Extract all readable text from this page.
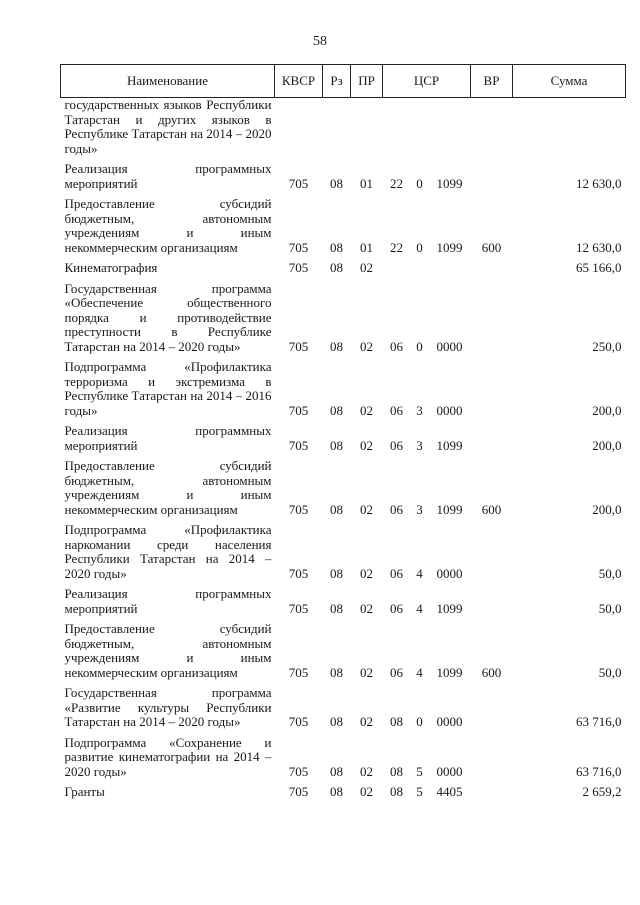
58
Наименование	КВСР	Рз	ПР	ЦСР			ВР	Сумма
государственных языков Республики Татарстан и других языков в Республике Татарстан на 2014 – 2020 годы»								
Реализация программных мероприятий	705	08	01	22	0	1099		12 630,0
Предоставление субсидий бюджетным, автономным учреждениям и иным некоммерческим организациям	705	08	01	22	0	1099	600	12 630,0
Кинематография	705	08	02					65 166,0
Государственная программа «Обеспечение общественного порядка и противодействие преступности в Республике Татарстан на 2014 – 2020 годы»	705	08	02	06	0	0000		250,0
Подпрограмма «Профилактика терроризма и экстремизма в Республике Татарстан на 2014 – 2016 годы»	705	08	02	06	3	0000		200,0
Реализация программных мероприятий	705	08	02	06	3	1099		200,0
Предоставление субсидий бюджетным, автономным учреждениям и иным некоммерческим организациям	705	08	02	06	3	1099	600	200,0
Подпрограмма «Профилактика наркомании среди населения Республики Татарстан на 2014 – 2020 годы»	705	08	02	06	4	0000		50,0
Реализация программных мероприятий	705	08	02	06	4	1099		50,0
Предоставление субсидий бюджетным, автономным учреждениям и иным некоммерческим организациям	705	08	02	06	4	1099	600	50,0
Государственная программа «Развитие культуры Республики Татарстан на 2014 – 2020 годы»	705	08	02	08	0	0000		63 716,0
Подпрограмма «Сохранение и развитие кинематографии на 2014 – 2020 годы»	705	08	02	08	5	0000		63 716,0
Гранты	705	08	02	08	5	4405		2 659,2
